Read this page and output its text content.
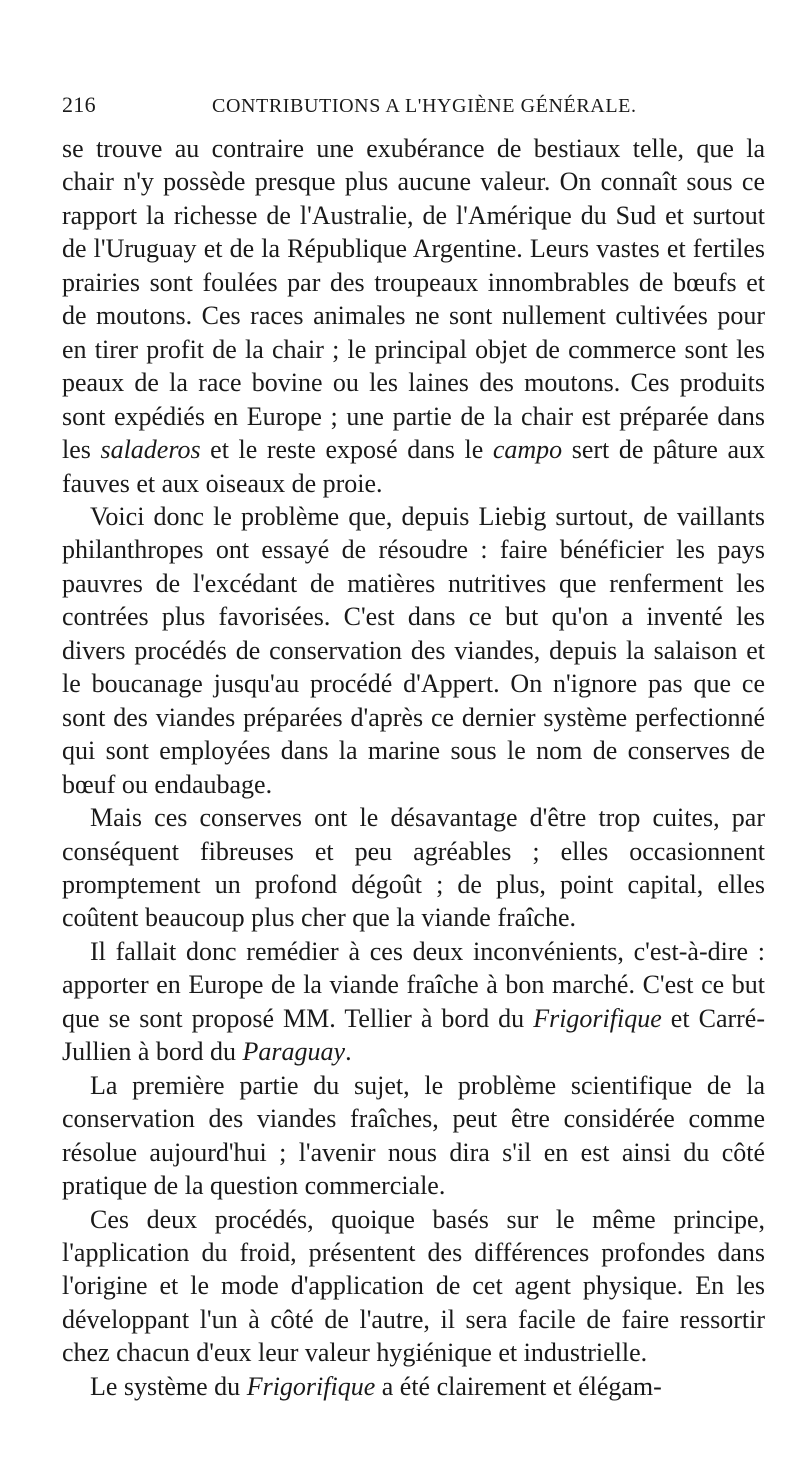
216	CONTRIBUTIONS A L'HYGIÈNE GÉNÉRALE.

se trouve au contraire une exubérance de bestiaux telle, que la chair n'y possède presque plus aucune valeur. On connaît sous ce rapport la richesse de l'Australie, de l'Amérique du Sud et surtout de l'Uruguay et de la République Argentine. Leurs vastes et fertiles prairies sont foulées par des troupeaux innombrables de bœufs et de moutons. Ces races animales ne sont nullement cultivées pour en tirer profit de la chair ; le principal objet de commerce sont les peaux de la race bovine ou les laines des moutons. Ces produits sont expédiés en Europe ; une partie de la chair est préparée dans les saladeros et le reste exposé dans le campo sert de pâture aux fauves et aux oiseaux de proie.

Voici donc le problème que, depuis Liebig surtout, de vaillants philanthropes ont essayé de résoudre : faire bénéficier les pays pauvres de l'excédant de matières nutritives que renferment les contrées plus favorisées. C'est dans ce but qu'on a inventé les divers procédés de conservation des viandes, depuis la salaison et le boucanage jusqu'au procédé d'Appert. On n'ignore pas que ce sont des viandes préparées d'après ce dernier système perfectionné qui sont employées dans la marine sous le nom de conserves de bœuf ou endaubage.

Mais ces conserves ont le désavantage d'être trop cuites, par conséquent fibreuses et peu agréables ; elles occasionnent promptement un profond dégoût ; de plus, point capital, elles coûtent beaucoup plus cher que la viande fraîche.

Il fallait donc remédier à ces deux inconvénients, c'est-à-dire : apporter en Europe de la viande fraîche à bon marché. C'est ce but que se sont proposé MM. Tellier à bord du Frigorifique et Carré-Jullien à bord du Paraguay.

La première partie du sujet, le problème scientifique de la conservation des viandes fraîches, peut être considérée comme résolue aujourd'hui ; l'avenir nous dira s'il en est ainsi du côté pratique de la question commerciale.

Ces deux procédés, quoique basés sur le même principe, l'application du froid, présentent des différences profondes dans l'origine et le mode d'application de cet agent physique. En les développant l'un à côté de l'autre, il sera facile de faire ressortir chez chacun d'eux leur valeur hygiénique et industrielle.

Le système du Frigorifique a été clairement et élégam-
